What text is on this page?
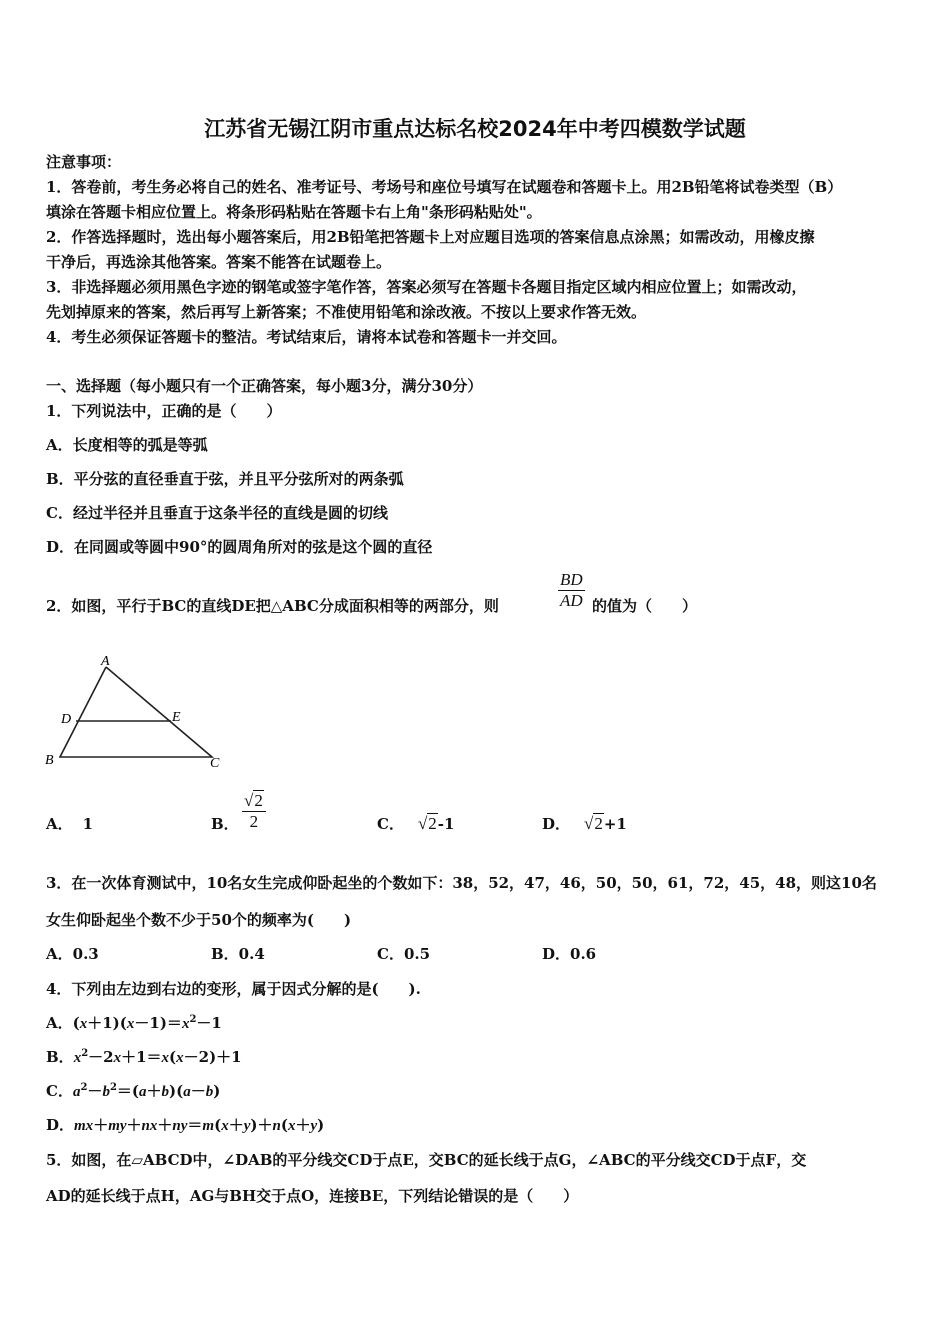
江苏省无锡江阴市重点达标名校2024年中考四模数学试题
注意事项：
1．答卷前，考生务必将自己的姓名、准考证号、考场号和座位号填写在试题卷和答题卡上。用2B铅笔将试卷类型（B）
填涂在答题卡相应位置上。将条形码粘贴在答题卡右上角"条形码粘贴处"。
2．作答选择题时，选出每小题答案后，用2B铅笔把答题卡上对应题目选项的答案信息点涂黑；如需改动，用橡皮擦
干净后，再选涂其他答案。答案不能答在试题卷上。
3．非选择题必须用黑色字迹的钢笔或签字笔作答，答案必须写在答题卡各题目指定区域内相应位置上；如需改动，
先划掉原来的答案，然后再写上新答案；不准使用铅笔和涂改液。不按以上要求作答无效。
4．考生必须保证答题卡的整洁。考试结束后，请将本试卷和答题卡一并交回。
一、选择题（每小题只有一个正确答案，每小题3分，满分30分）
1．下列说法中，正确的是（　　）
A．长度相等的弧是等弧
B．平分弦的直径垂直于弦，并且平分弦所对的两条弧
C．经过半径并且垂直于这条半径的直线是圆的切线
D．在同圆或等圆中90°的圆周角所对的弦是这个圆的直径
2．如图，平行于BC的直线DE把△ABC分成面积相等的两部分，则
BD
AD 的值为（　　）
A
D	E
B	C
A． 1	B．
√2
2	C． √2-1	D． √2+1
3．在一次体育测试中，10名女生完成仰卧起坐的个数如下：38，52，47，46，50，50，61，72，45，48，则这10名
女生仰卧起坐个数不少于50个的频率为(　　)
A．0.3	B．0.4	C．0.5	D．0.6
4．下列由左边到右边的变形，属于因式分解的是(　　).
A．$(x+1)(x-1)=x^2-1$
B．$x^2-2x+1=x(x-2)+1$
C．$a^2-b^2=(a+b)(a-b)$
D．mx＋my＋nx＋ny＝m(x＋y)＋n(x＋y)
5．如图，在▱ABCD中，∠DAB的平分线交CD于点E，交BC的延长线于点G，∠ABC的平分线交CD于点F，交
AD的延长线于点H，AG与BH交于点O，连接BE，下列结论错误的是（　　）
